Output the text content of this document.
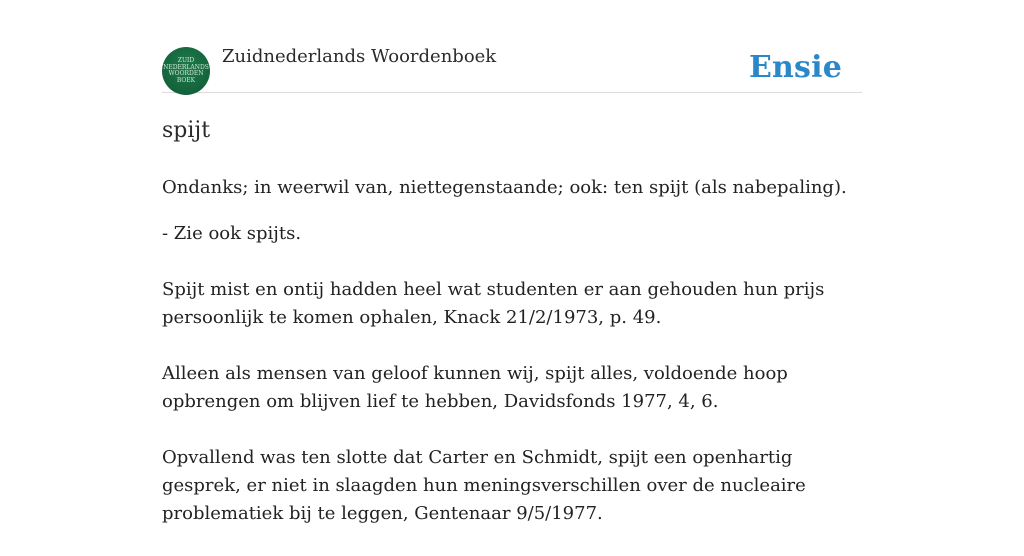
ZUID
NEDERLANDS
WOORDEN
BOEK
Zuidnederlands Woordenboek	Ensie
spijt

Ondanks; in weerwil van, niettegenstaande; ook: ten spijt (als nabepaling).

- Zie ook spijts.

Spijt mist en ontij hadden heel wat studenten er aan gehouden hun prijs persoonlijk te komen ophalen, Knack 21/2/1973, p. 49.

Alleen als mensen van geloof kunnen wij, spijt alles, voldoende hoop opbrengen om blijven lief te hebben, Davidsfonds 1977, 4, 6.

Opvallend was ten slotte dat Carter en Schmidt, spijt een openhartig gesprek, er niet in slaagden hun meningsverschillen over de nucleaire problematiek bij te leggen, Gentenaar 9/5/1977.
